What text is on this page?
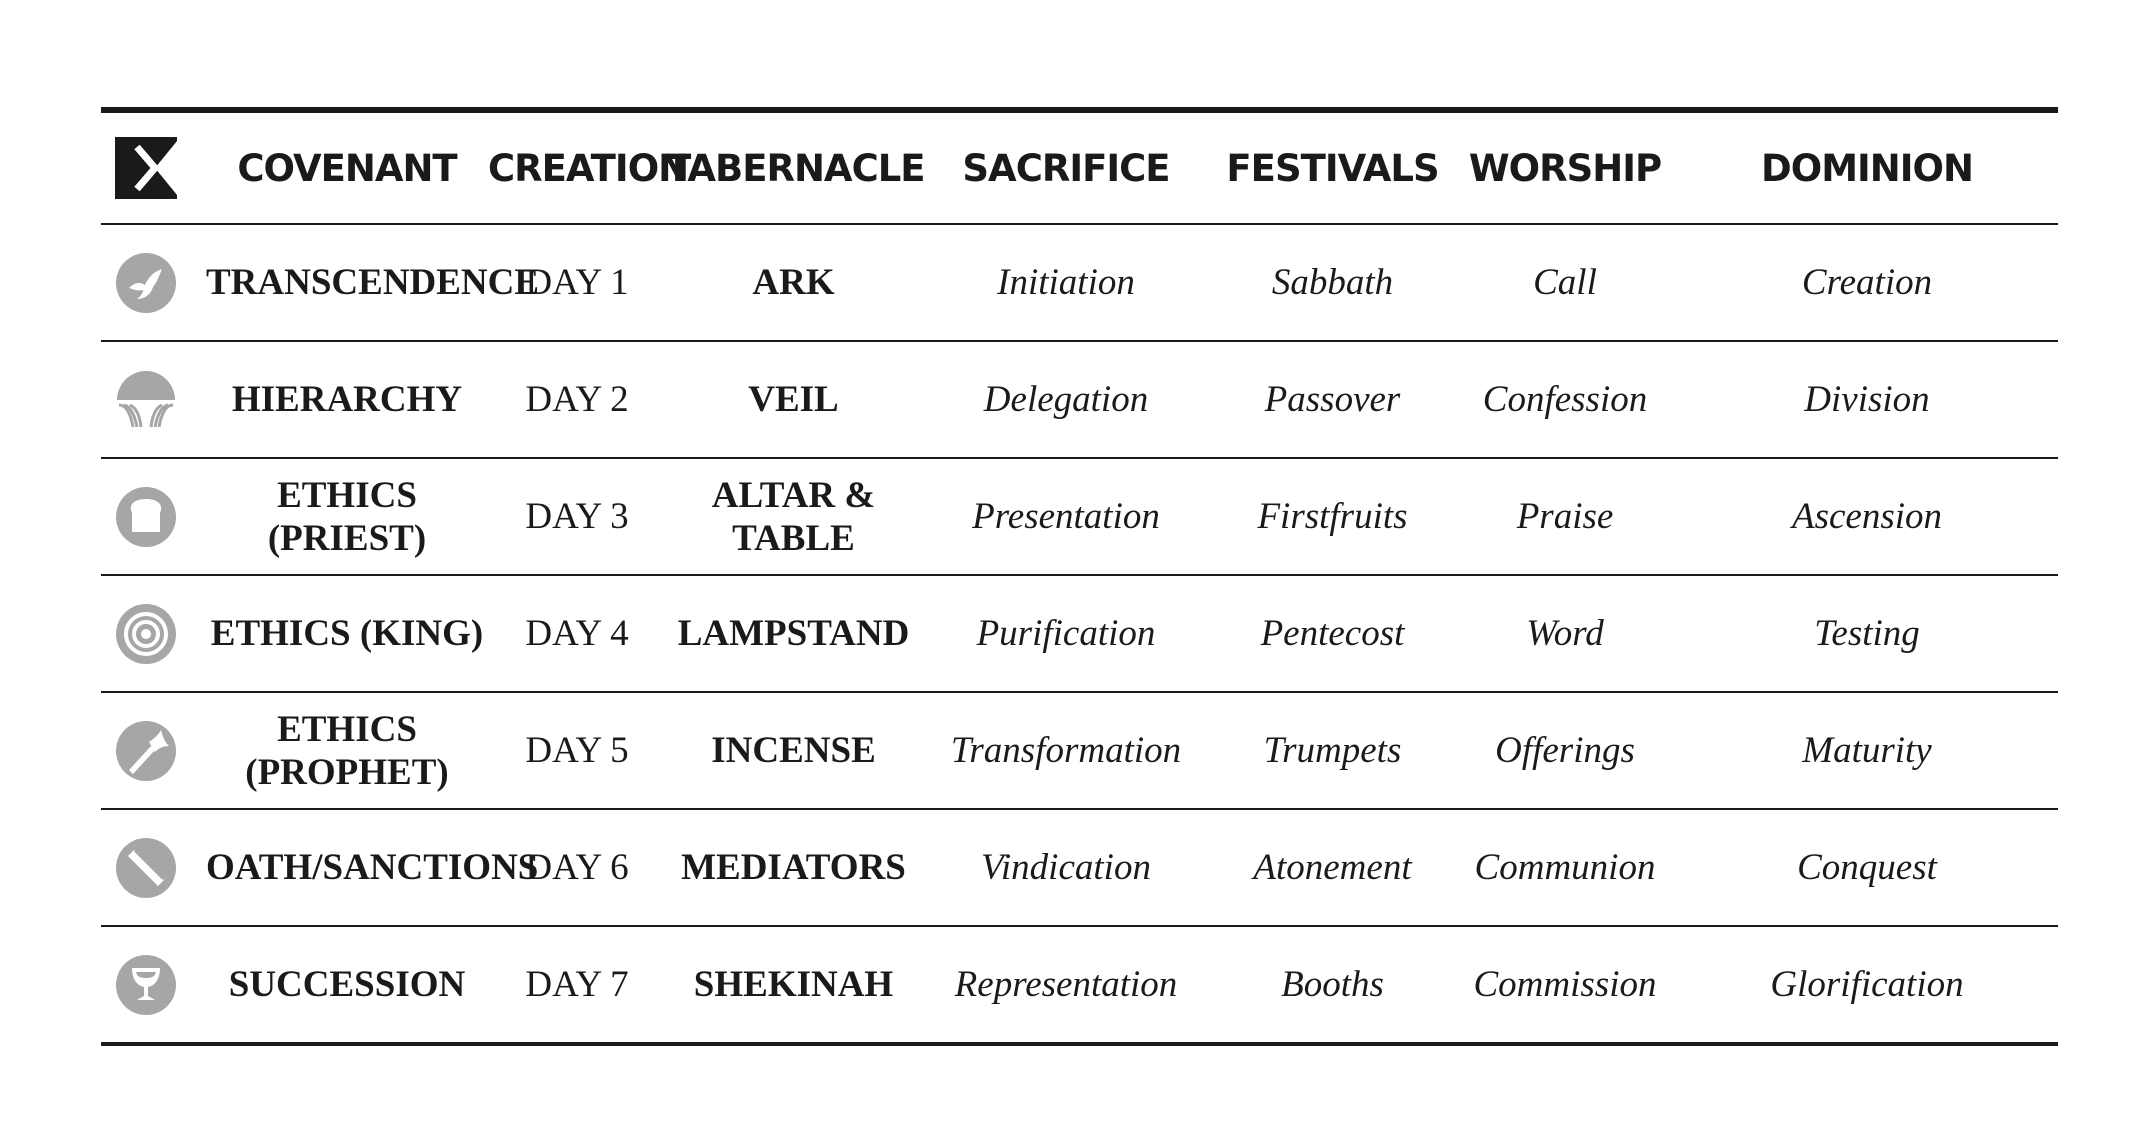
	COVENANT	CREATION	TABERNACLE	SACRIFICE	FESTIVALS	WORSHIP	DOMINION

	TRANSCENDENCE	DAY 1	ARK	Initiation	Sabbath	Call	Creation

	HIERARCHY	DAY 2	VEIL	Delegation	Passover	Confession	Division

	ETHICS (PRIEST)	DAY 3	ALTAR & TABLE	Presentation	Firstfruits	Praise	Ascension

	ETHICS (KING)	DAY 4	LAMPSTAND	Purification	Pentecost	Word	Testing

	ETHICS (PROPHET)	DAY 5	INCENSE	Transformation	Trumpets	Offerings	Maturity

	OATH/SANCTIONS	DAY 6	MEDIATORS	Vindication	Atonement	Communion	Conquest

	SUCCESSION	DAY 7	SHEKINAH	Representation	Booths	Commission	Glorification
